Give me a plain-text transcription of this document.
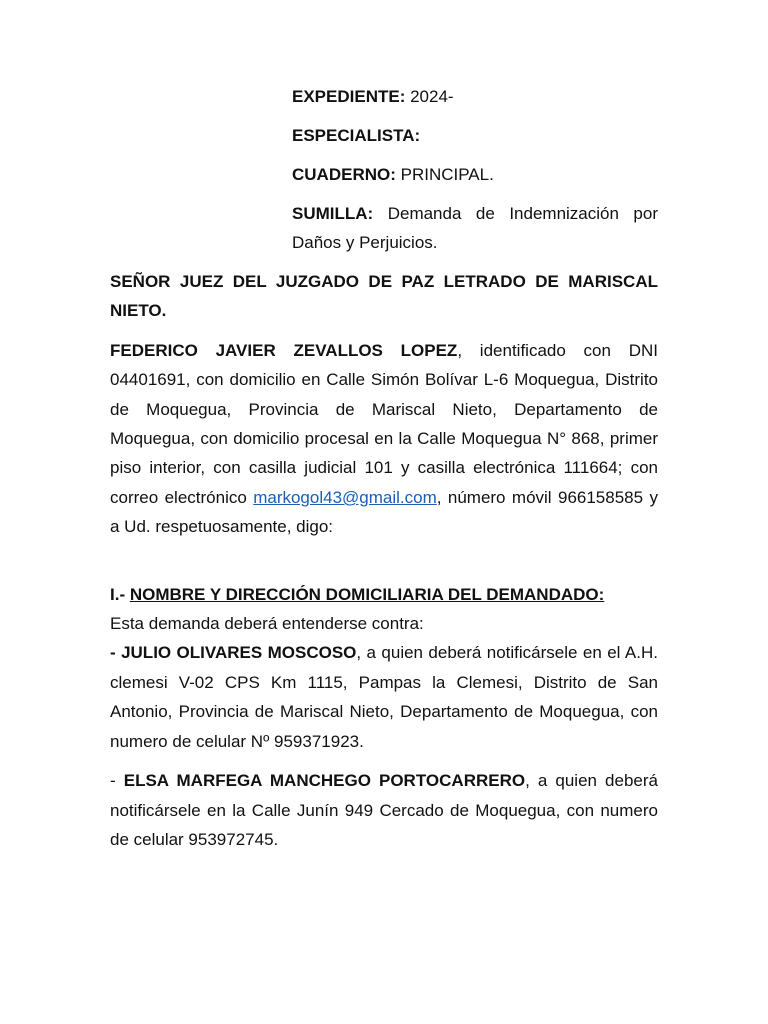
EXPEDIENTE: 2024-

ESPECIALISTA:

CUADERNO: PRINCIPAL.

SUMILLA: Demanda de Indemnización por Daños y Perjuicios.

SEÑOR JUEZ DEL JUZGADO DE PAZ LETRADO DE MARISCAL NIETO.

FEDERICO JAVIER ZEVALLOS LOPEZ, identificado con DNI 04401691, con domicilio en Calle Simón Bolívar L-6 Moquegua, Distrito de Moquegua, Provincia de Mariscal Nieto, Departamento de Moquegua, con domicilio procesal en la Calle Moquegua N° 868, primer piso interior, con casilla judicial 101 y casilla electrónica 111664; con correo electrónico markogol43@gmail.com, número móvil 966158585 y a Ud. respetuosamente, digo:

I.- NOMBRE Y DIRECCIÓN DOMICILIARIA DEL DEMANDADO:

Esta demanda deberá entenderse contra:

- JULIO OLIVARES MOSCOSO, a quien deberá notificársele en el A.H. clemesi V-02 CPS Km 1115, Pampas la Clemesi, Distrito de San Antonio, Provincia de Mariscal Nieto, Departamento de Moquegua, con numero de celular Nº 959371923.

- ELSA MARFEGA MANCHEGO PORTOCARRERO, a quien deberá notificársele en la Calle Junín 949 Cercado de Moquegua, con numero de celular 953972745.
